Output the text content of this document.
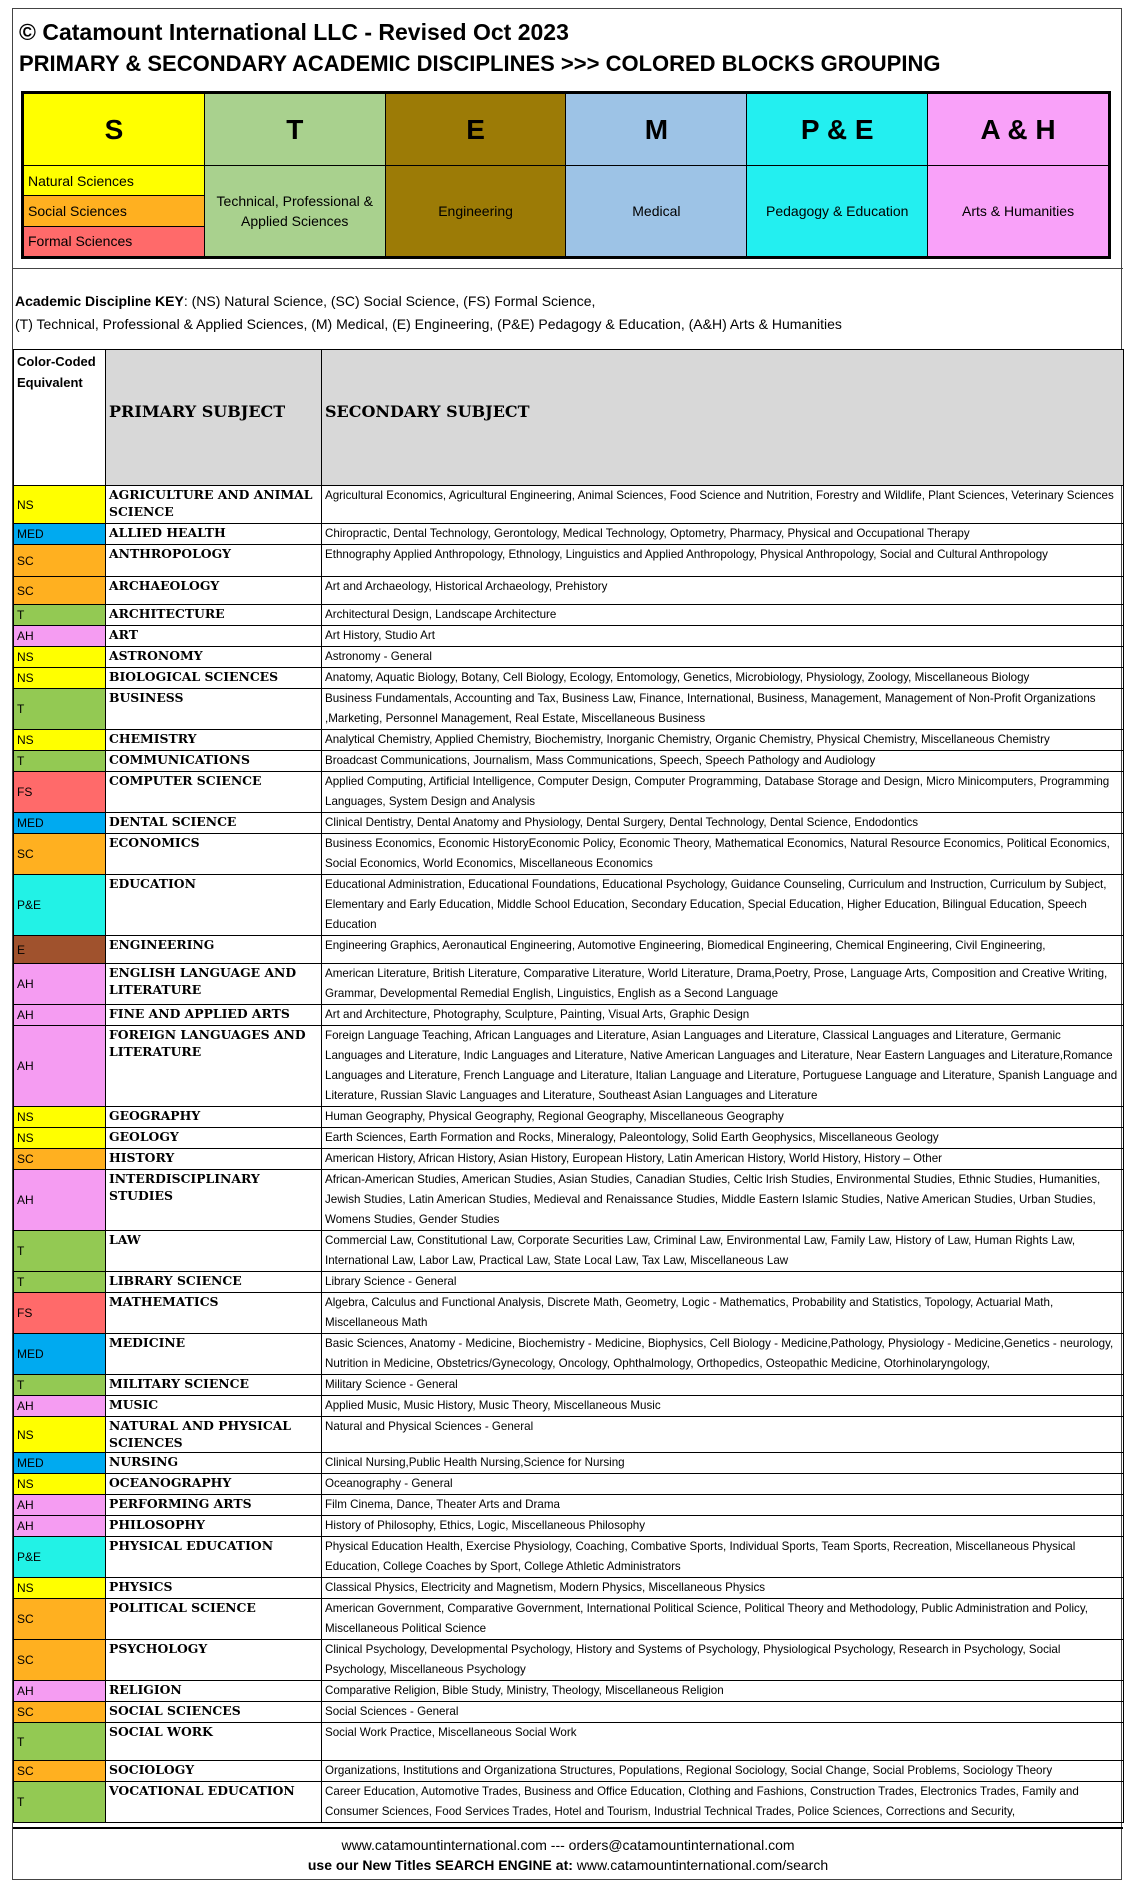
© Catamount International LLC - Revised Oct 2023
PRIMARY & SECONDARY ACADEMIC DISCIPLINES >>> COLORED BLOCKS GROUPING
S
Natural Sciences
Social Sciences
Formal Sciences
T
Technical, Professional & Applied Sciences
E
Engineering
M
Medical
P & E
Pedagogy & Education
A & H
Arts & Humanities
Academic Discipline KEY: (NS) Natural Science, (SC) Social Science, (FS) Formal Science,
(T) Technical, Professional & Applied Sciences, (M) Medical, (E) Engineering, (P&E) Pedagogy & Education, (A&H) Arts & Humanities
Color-Coded Equivalent	PRIMARY SUBJECT	SECONDARY SUBJECT
NS	AGRICULTURE AND ANIMAL SCIENCE	Agricultural Economics, Agricultural Engineering, Animal Sciences, Food Science and Nutrition, Forestry and Wildlife, Plant Sciences, Veterinary Sciences
MED	ALLIED HEALTH	Chiropractic, Dental Technology, Gerontology, Medical Technology, Optometry, Pharmacy, Physical and Occupational Therapy
SC	ANTHROPOLOGY	Ethnography Applied Anthropology, Ethnology, Linguistics and Applied Anthropology, Physical Anthropology, Social and Cultural Anthropology
SC	ARCHAEOLOGY	Art and Archaeology, Historical Archaeology, Prehistory
T	ARCHITECTURE	Architectural Design, Landscape Architecture
AH	ART	Art History, Studio Art
NS	ASTRONOMY	Astronomy - General
NS	BIOLOGICAL SCIENCES	Anatomy, Aquatic Biology, Botany, Cell Biology, Ecology, Entomology, Genetics, Microbiology, Physiology, Zoology, Miscellaneous Biology
T	BUSINESS	Business Fundamentals, Accounting and Tax, Business Law, Finance, International, Business, Management, Management of Non-Profit Organizations ,Marketing, Personnel Management, Real Estate, Miscellaneous Business
NS	CHEMISTRY	Analytical Chemistry, Applied Chemistry, Biochemistry, Inorganic Chemistry, Organic Chemistry, Physical Chemistry, Miscellaneous Chemistry
T	COMMUNICATIONS	Broadcast Communications, Journalism, Mass Communications, Speech, Speech Pathology and Audiology
FS	COMPUTER SCIENCE	Applied Computing, Artificial Intelligence, Computer Design, Computer Programming, Database Storage and Design, Micro Minicomputers, Programming Languages, System Design and Analysis
MED	DENTAL SCIENCE	Clinical Dentistry, Dental Anatomy and Physiology, Dental Surgery, Dental Technology, Dental Science, Endodontics
SC	ECONOMICS	Business Economics, Economic HistoryEconomic Policy, Economic Theory, Mathematical Economics, Natural Resource Economics, Political Economics, Social Economics, World Economics, Miscellaneous Economics
P&E	EDUCATION	Educational Administration, Educational Foundations, Educational Psychology, Guidance Counseling, Curriculum and Instruction, Curriculum by Subject, Elementary and Early Education, Middle School Education, Secondary Education, Special Education, Higher Education, Bilingual Education, Speech Education
E	ENGINEERING	Engineering Graphics, Aeronautical Engineering, Automotive Engineering, Biomedical Engineering, Chemical Engineering, Civil Engineering,
AH	ENGLISH LANGUAGE AND LITERATURE	American Literature, British Literature, Comparative Literature, World Literature, Drama,Poetry, Prose, Language Arts, Composition and Creative Writing, Grammar, Developmental Remedial English, Linguistics, English as a Second Language
AH	FINE AND APPLIED ARTS	Art and Architecture, Photography, Sculpture, Painting, Visual Arts, Graphic Design
AH	FOREIGN LANGUAGES AND LITERATURE	Foreign Language Teaching, African Languages and Literature, Asian Languages and Literature, Classical Languages and Literature, Germanic Languages and Literature, Indic Languages and Literature, Native American Languages and Literature, Near Eastern Languages and Literature,Romance Languages and Literature, French Language and Literature, Italian Language and Literature, Portuguese Language and Literature, Spanish Language and Literature, Russian Slavic Languages and Literature, Southeast Asian Languages and Literature
NS	GEOGRAPHY	Human Geography, Physical Geography, Regional Geography, Miscellaneous Geography
NS	GEOLOGY	Earth Sciences, Earth Formation and Rocks, Mineralogy, Paleontology, Solid Earth Geophysics, Miscellaneous Geology
SC	HISTORY	American History, African History, Asian History, European History, Latin American History, World History, History – Other
AH	INTERDISCIPLINARY STUDIES	African-American Studies, American Studies, Asian Studies, Canadian Studies, Celtic Irish Studies, Environmental Studies, Ethnic Studies, Humanities, Jewish Studies, Latin American Studies, Medieval and Renaissance Studies, Middle Eastern Islamic Studies, Native American Studies, Urban Studies, Womens Studies, Gender Studies
T	LAW	Commercial Law, Constitutional Law, Corporate Securities Law, Criminal Law, Environmental Law, Family Law, History of Law, Human Rights Law, International Law, Labor Law, Practical Law, State Local Law, Tax Law, Miscellaneous Law
T	LIBRARY SCIENCE	Library Science - General
FS	MATHEMATICS	Algebra, Calculus and Functional Analysis, Discrete Math, Geometry, Logic - Mathematics, Probability and Statistics, Topology, Actuarial Math, Miscellaneous Math
MED	MEDICINE	Basic Sciences, Anatomy - Medicine, Biochemistry - Medicine, Biophysics, Cell Biology - Medicine,Pathology, Physiology - Medicine,Genetics - neurology, Nutrition in Medicine, Obstetrics/Gynecology, Oncology, Ophthalmology, Orthopedics, Osteopathic Medicine, Otorhinolaryngology,
T	MILITARY SCIENCE	Military Science - General
AH	MUSIC	Applied Music, Music History, Music Theory, Miscellaneous Music
NS	NATURAL AND PHYSICAL SCIENCES	Natural and Physical Sciences - General
MED	NURSING	Clinical Nursing,Public Health Nursing,Science for Nursing
NS	OCEANOGRAPHY	Oceanography - General
AH	PERFORMING ARTS	Film Cinema, Dance, Theater Arts and Drama
AH	PHILOSOPHY	History of Philosophy, Ethics, Logic, Miscellaneous Philosophy
P&E	PHYSICAL EDUCATION	Physical Education Health, Exercise Physiology, Coaching, Combative Sports, Individual Sports, Team Sports, Recreation, Miscellaneous Physical Education, College Coaches by Sport, College Athletic Administrators
NS	PHYSICS	Classical Physics, Electricity and Magnetism, Modern Physics, Miscellaneous Physics
SC	POLITICAL SCIENCE	American Government, Comparative Government, International Political Science, Political Theory and Methodology, Public Administration and Policy, Miscellaneous Political Science
SC	PSYCHOLOGY	Clinical Psychology, Developmental Psychology, History and Systems of Psychology, Physiological Psychology, Research in Psychology, Social Psychology, Miscellaneous Psychology
AH	RELIGION	Comparative Religion, Bible Study, Ministry, Theology, Miscellaneous Religion
SC	SOCIAL SCIENCES	Social Sciences - General
T	SOCIAL WORK	Social Work Practice, Miscellaneous Social Work
SC	SOCIOLOGY	Organizations, Institutions and Organizationa Structures, Populations, Regional Sociology, Social Change, Social Problems, Sociology Theory
T	VOCATIONAL EDUCATION	Career Education, Automotive Trades, Business and Office Education, Clothing and Fashions, Construction Trades, Electronics Trades, Family and Consumer Sciences, Food Services Trades, Hotel and Tourism, Industrial Technical Trades, Police Sciences, Corrections and Security,
www.catamountinternational.com --- orders@catamountinternational.com
use our New Titles SEARCH ENGINE at: www.catamountinternational.com/search
